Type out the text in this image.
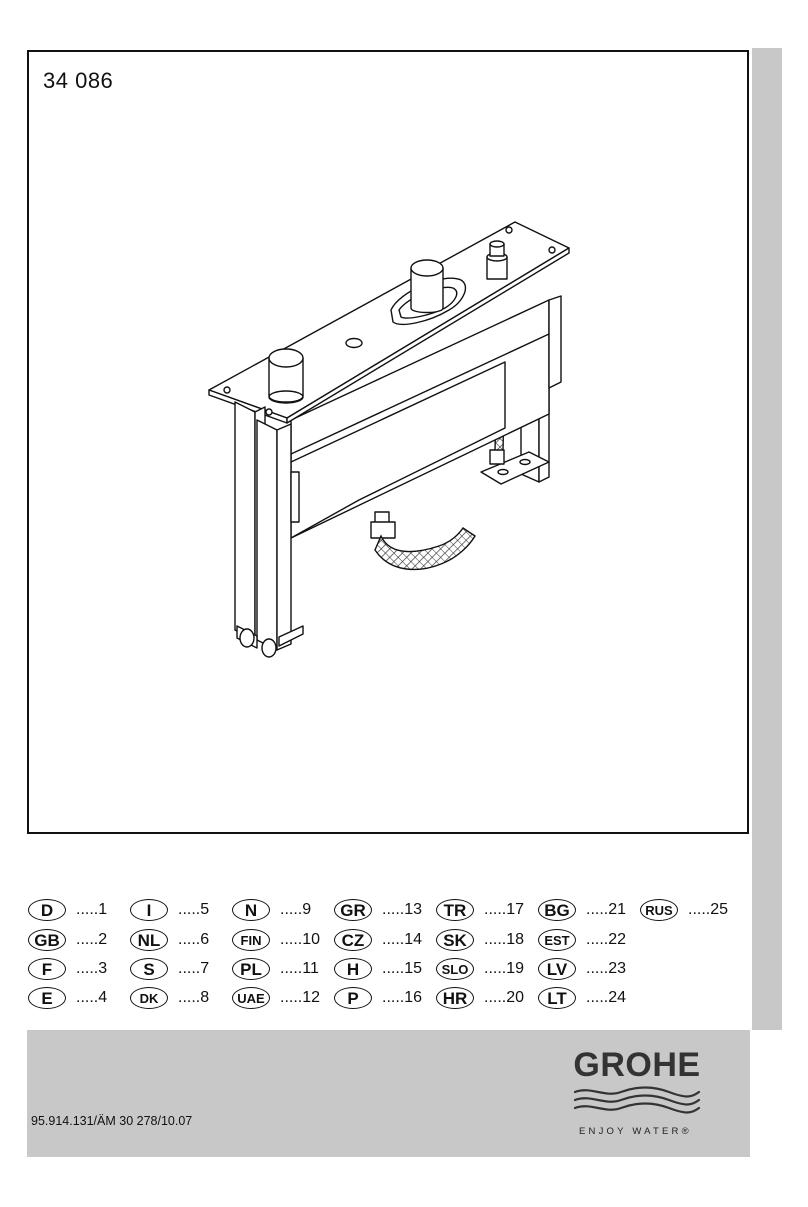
34 086
D	.....1
GB	.....2
F	.....3
E	.....4
I	.....5
NL	.....6
S	.....7
DK	.....8
N	.....9
FIN	.....10
PL	.....11
UAE .....12
GR	.....13
CZ	.....14
H	.....15
P	.....16
TR	.....17
SK	.....18
SLO .....19
HR	.....20
BG	.....21
EST	.....22
LV	.....23
LT	.....24
RUS .....25
95.914.131/ÄM 30 278/10.07
GROHE
ENJOY WATER®
